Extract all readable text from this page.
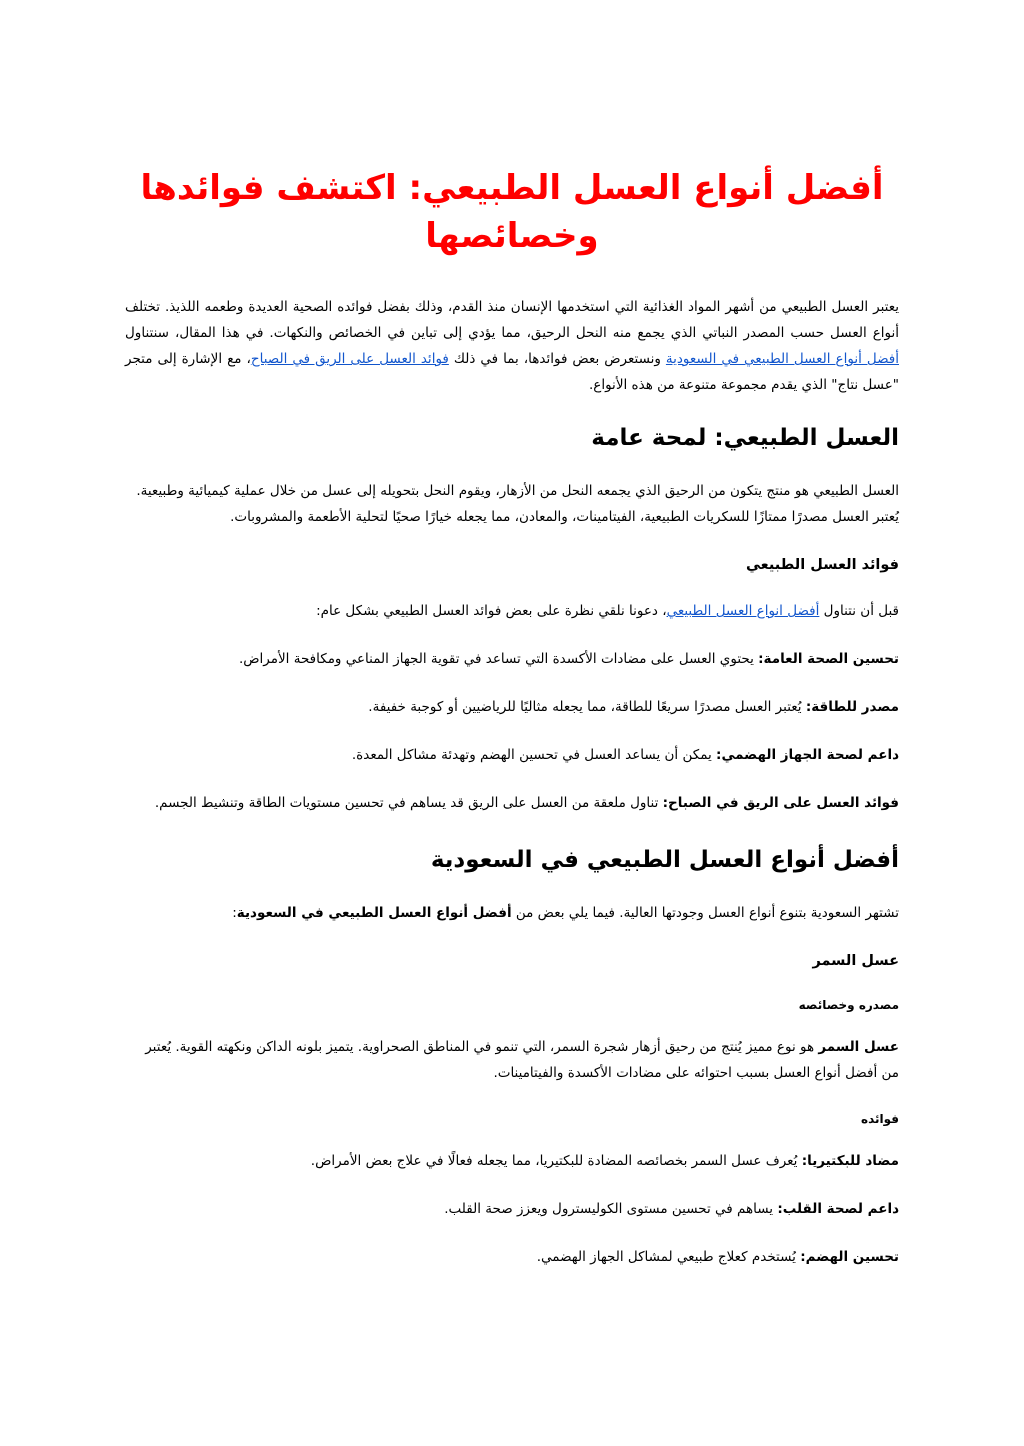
أفضل أنواع العسل الطبيعي: اكتشف فوائدها وخصائصها

يعتبر العسل الطبيعي من أشهر المواد الغذائية التي استخدمها الإنسان منذ القدم، وذلك بفضل فوائده الصحية العديدة وطعمه اللذيذ. تختلف أنواع العسل حسب المصدر النباتي الذي يجمع منه النحل الرحيق، مما يؤدي إلى تباين في الخصائص والنكهات. في هذا المقال، سنتناول أفضل أنواع العسل الطبيعي في السعودية ونستعرض بعض فوائدها، بما في ذلك فوائد العسل على الريق في الصباح، مع الإشارة إلى متجر "عسل نتاج" الذي يقدم مجموعة متنوعة من هذه الأنواع.

العسل الطبيعي: لمحة عامة

العسل الطبيعي هو منتج يتكون من الرحيق الذي يجمعه النحل من الأزهار، ويقوم النحل بتحويله إلى عسل من خلال عملية كيميائية وطبيعية. يُعتبر العسل مصدرًا ممتازًا للسكريات الطبيعية، الفيتامينات، والمعادن، مما يجعله خيارًا صحيًا لتحلية الأطعمة والمشروبات.

فوائد العسل الطبيعي

قبل أن نتناول أفضل انواع العسل الطبيعي، دعونا نلقي نظرة على بعض فوائد العسل الطبيعي بشكل عام:

تحسين الصحة العامة: يحتوي العسل على مضادات الأكسدة التي تساعد في تقوية الجهاز المناعي ومكافحة الأمراض.

مصدر للطاقة: يُعتبر العسل مصدرًا سريعًا للطاقة، مما يجعله مثاليًا للرياضيين أو كوجبة خفيفة.

داعم لصحة الجهاز الهضمي: يمكن أن يساعد العسل في تحسين الهضم وتهدئة مشاكل المعدة.

فوائد العسل على الريق في الصباح: تناول ملعقة من العسل على الريق قد يساهم في تحسين مستويات الطاقة وتنشيط الجسم.

أفضل أنواع العسل الطبيعي في السعودية

تشتهر السعودية بتنوع أنواع العسل وجودتها العالية. فيما يلي بعض من أفضل أنواع العسل الطبيعي في السعودية:

عسل السمر
مصدره وخصائصه

عسل السمر هو نوع مميز يُنتج من رحيق أزهار شجرة السمر، التي تنمو في المناطق الصحراوية. يتميز بلونه الداكن ونكهته القوية. يُعتبر من أفضل أنواع العسل بسبب احتوائه على مضادات الأكسدة والفيتامينات.

فوائده

مضاد للبكتيريا: يُعرف عسل السمر بخصائصه المضادة للبكتيريا، مما يجعله فعالًا في علاج بعض الأمراض.

داعم لصحة القلب: يساهم في تحسين مستوى الكوليسترول ويعزز صحة القلب.

تحسين الهضم: يُستخدم كعلاج طبيعي لمشاكل الجهاز الهضمي.
